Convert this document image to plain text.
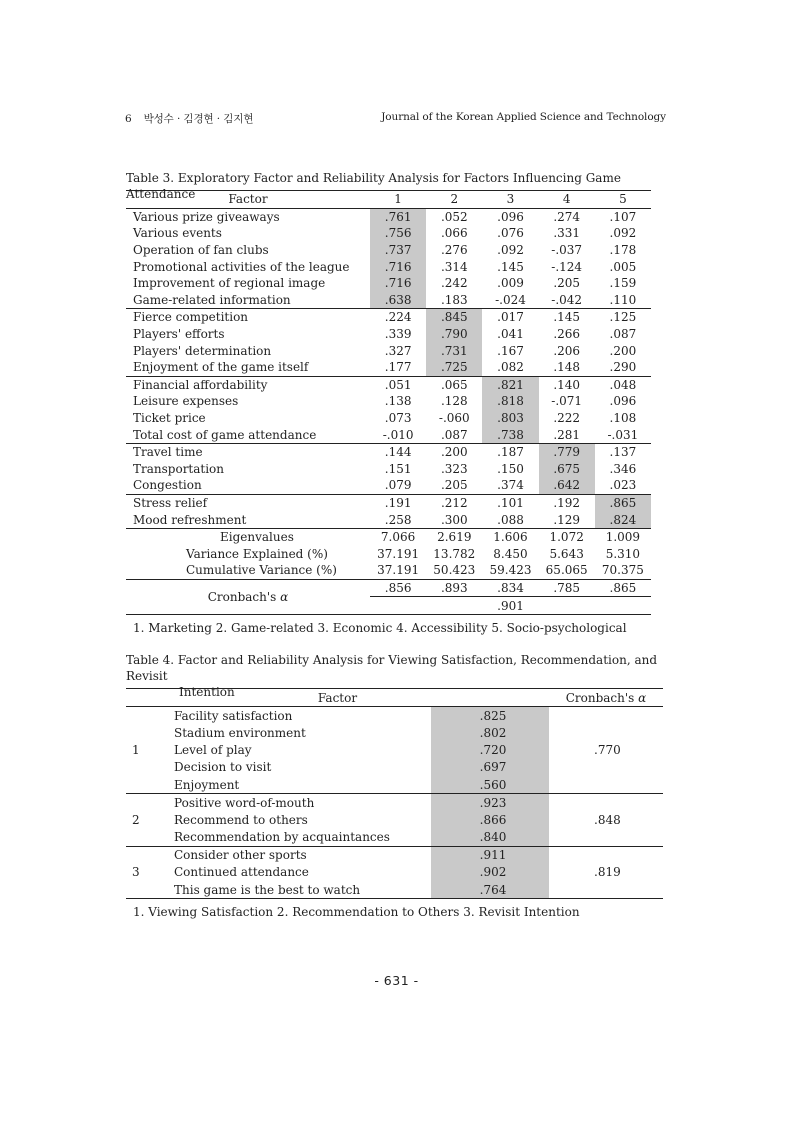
6 박성수 · 김경현 · 김지현	Journal of the Korean Applied Science and Technology
Table 3. Exploratory Factor and Reliability Analysis for Factors Influencing Game Attendance	Factor	1	2	3	4	5
Various prize giveaways	.761	.052	.096	.274	.107
Various events	.756	.066	.076	.331	.092
Operation of fan clubs	.737	.276	.092	-.037	.178
Promotional activities of the league	.716	.314	.145	-.124	.005
Improvement of regional image	.716	.242	.009	.205	.159
Game-related information	.638	.183	-.024	-.042	.110
Fierce competition	.224	.845	.017	.145	.125
Players' efforts	.339	.790	.041	.266	.087
Players' determination	.327	.731	.167	.206	.200
Enjoyment of the game itself	.177	.725	.082	.148	.290
Financial affordability	.051	.065	.821	.140	.048
Leisure expenses	.138	.128	.818	-.071	.096
Ticket price	.073	-.060	.803	.222	.108
Total cost of game attendance	-.010	.087	.738	.281	-.031
Travel time	.144	.200	.187	.779	.137
Transportation	.151	.323	.150	.675	.346
Congestion	.079	.205	.374	.642	.023
Stress relief	.191	.212	.101	.192	.865
Mood refreshment	.258	.300	.088	.129	.824
Eigenvalues	7.066	2.619	1.606	1.072	1.009
Variance Explained (%)	37.191	13.782	8.450	5.643	5.310
Cumulative Variance (%)	37.191	50.423	59.423	65.065	70.375
Cronbach's α	.856	.893	.834	.785	.865
	.901				
1. Marketing 2. Game-related 3. Economic 4. Accessibility 5. Socio-psychological
Table 4. Factor and Reliability Analysis for Viewing Satisfaction, Recommendation, and Revisit
Intention	Factor			Cronbach's α
1	Facility satisfaction	.825	.770
	Stadium environment	.802	
	Level of play	.720	
	Decision to visit	.697	
	Enjoyment	.560	
2	Positive word-of-mouth	.923	.848
	Recommend to others	.866	
	Recommendation by acquaintances	.840	
3	Consider other sports	.911	.819
	Continued attendance	.902	
	This game is the best to watch	.764	
1. Viewing Satisfaction 2. Recommendation to Others 3. Revisit Intention
- 631 -
